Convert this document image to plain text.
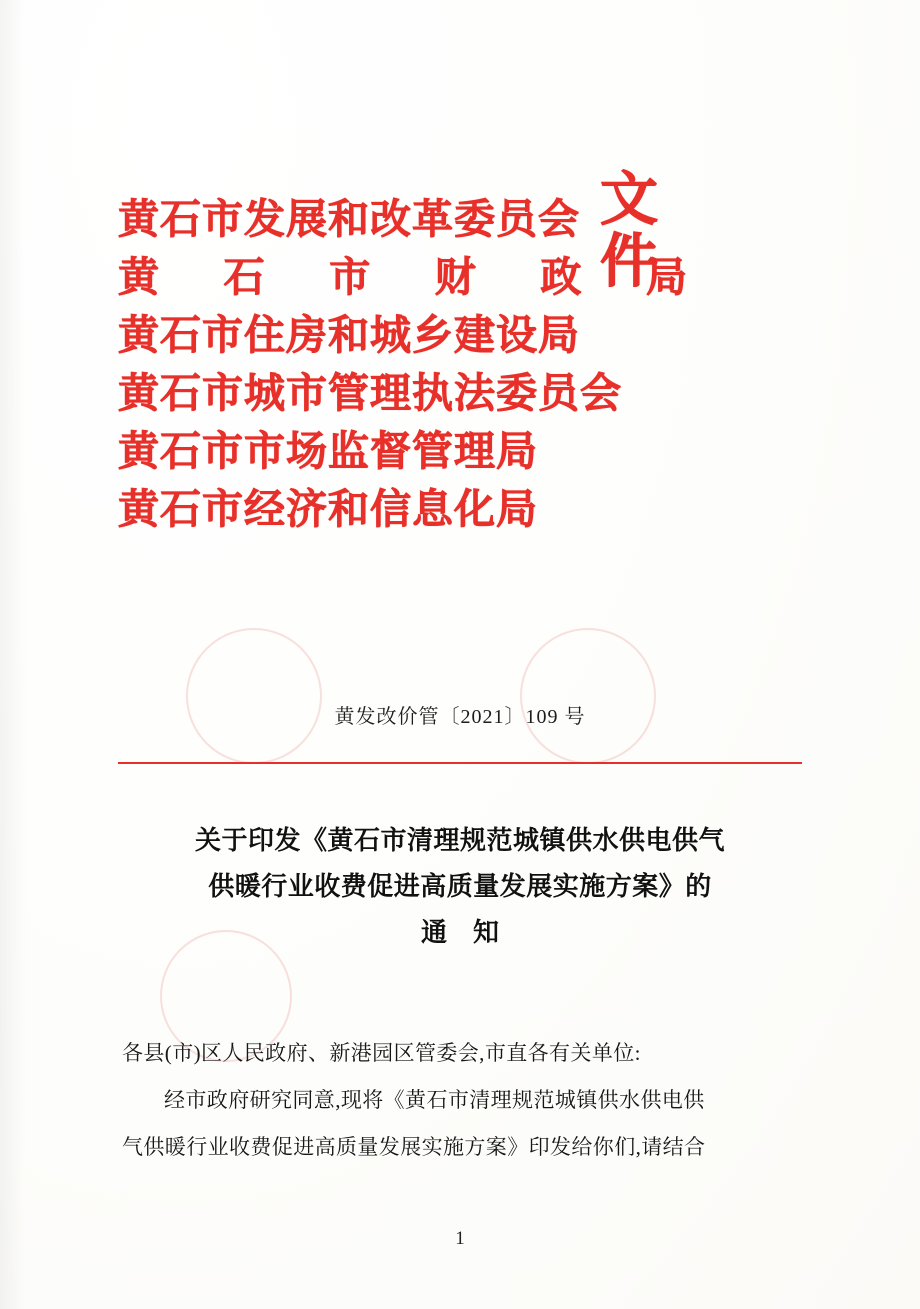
黄石市发展和改革委员会
黄 石 市 财 政 局
黄石市住房和城乡建设局
黄石市城市管理执法委员会
黄石市市场监督管理局
黄石市经济和信息化局
文
件
黄发改价管〔2021〕109 号
关于印发《黄石市清理规范城镇供水供电供气
供暖行业收费促进高质量发展实施方案》的
通知
各县(市)区人民政府、新港园区管委会,市直各有关单位:
经市政府研究同意,现将《黄石市清理规范城镇供水供电供
气供暖行业收费促进高质量发展实施方案》印发给你们,请结合
1
